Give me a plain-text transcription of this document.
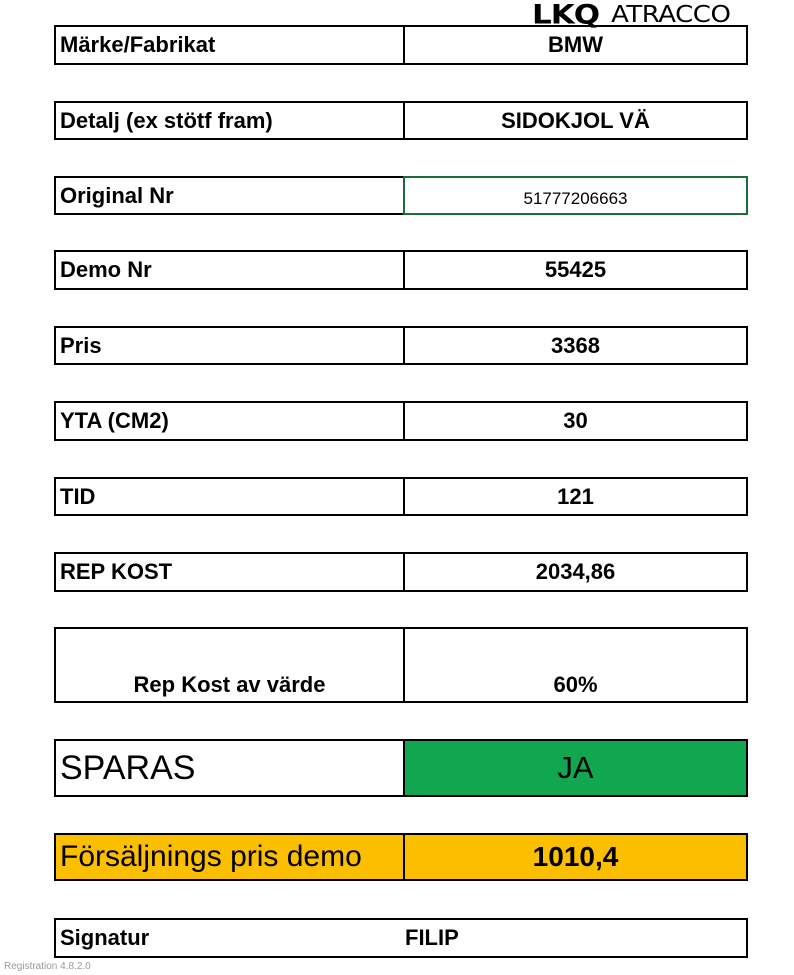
LKQ ATRACCO
Märke/Fabrikat	BMW
Detalj (ex stötf fram)	SIDOKJOL VÄ
Original Nr	51777206663
Demo Nr	55425
Pris	3368
YTA (CM2)	30
TID	121
REP KOST	2034,86
Rep Kost av värde	60%
SPARAS	JA
Försäljnings pris demo	1010,4
Signatur	FILIP
Registration 4.8.2.0
